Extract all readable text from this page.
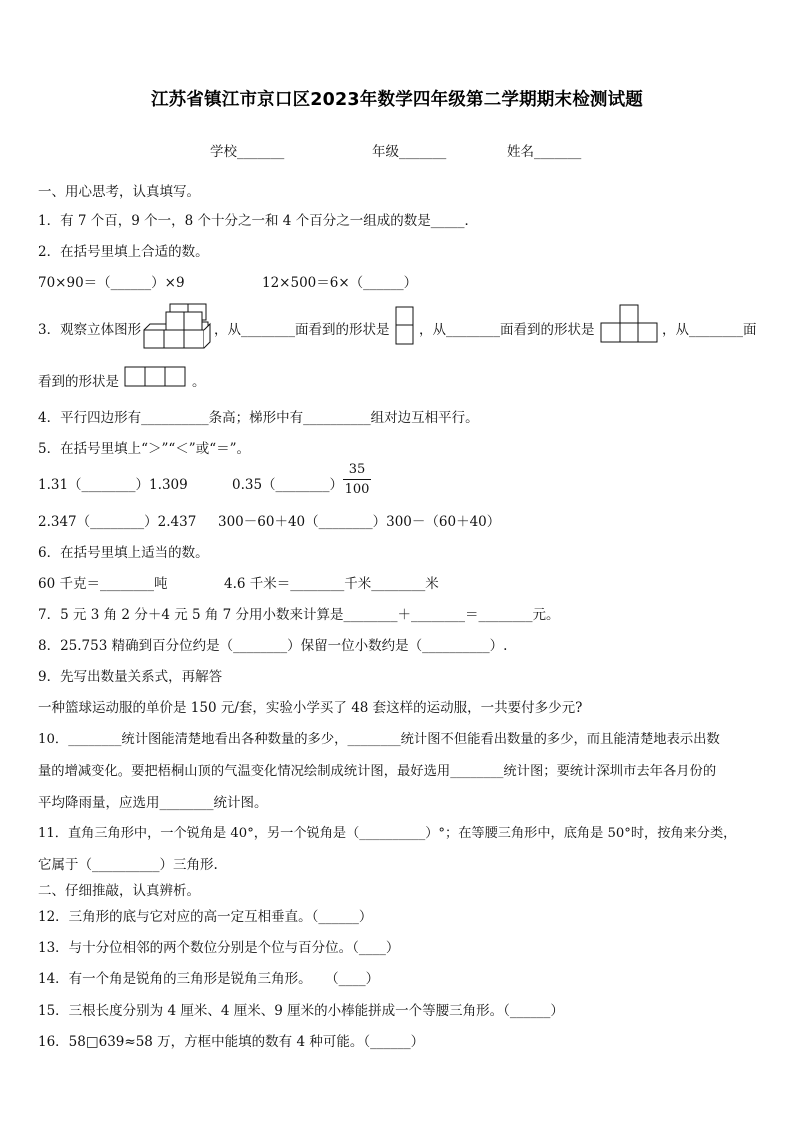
江苏省镇江市京口区2023年数学四年级第二学期期末检测试题
学校_______	年级_______	姓名_______
一、用心思考，认真填写。
1．有 7 个百，9 个一，8 个十分之一和 4 个百分之一组成的数是_____．
2．在括号里填上合适的数。
70×90＝（______）×9	12×500＝6×（______）
3．观察立体图形	，从________面看到的形状是 ，从________面看到的形状是	，从________面
看到的形状是	。
4．平行四边形有__________条高；梯形中有__________组对边互相平行。
5．在括号里填上“＞”“＜”或“＝”。
1.31（________）1.309	0.35（________）
35
100
2.347（________）2.437 300－60＋40（________）300－（60＋40）
6．在括号里填上适当的数。
60 千克＝________吨	4.6 千米＝________千米________米
7．5 元 3 角 2 分＋4 元 5 角 7 分用小数来计算是________＋________＝________元。
8．25.753 精确到百分位约是（________）保留一位小数约是（__________）.
9．先写出数量关系式，再解答
一种篮球运动服的单价是 150 元/套，实验小学买了 48 套这样的运动服，一共要付多少元?
10．________统计图能清楚地看出各种数量的多少，________统计图不但能看出数量的多少，而且能清楚地表示出数
量的增减变化。要把梧桐山顶的气温变化情况绘制成统计图，最好选用________统计图；要统计深圳市去年各月份的
平均降雨量，应选用________统计图。
11．直角三角形中，一个锐角是 40°，另一个锐角是（__________）°；在等腰三角形中，底角是 50°时，按角来分类，
它属于（__________）三角形.
二、仔细推敲，认真辨析。
12．三角形的底与它对应的高一定互相垂直。（______）
13．与十分位相邻的两个数位分别是个位与百分位。（____）
14．有一个角是锐角的三角形是锐角三角形。　　（____）
15．三根长度分别为 4 厘米、4 厘米、9 厘米的小棒能拼成一个等腰三角形。（______）
16．58□639≈58 万，方框中能填的数有 4 种可能。（______）
